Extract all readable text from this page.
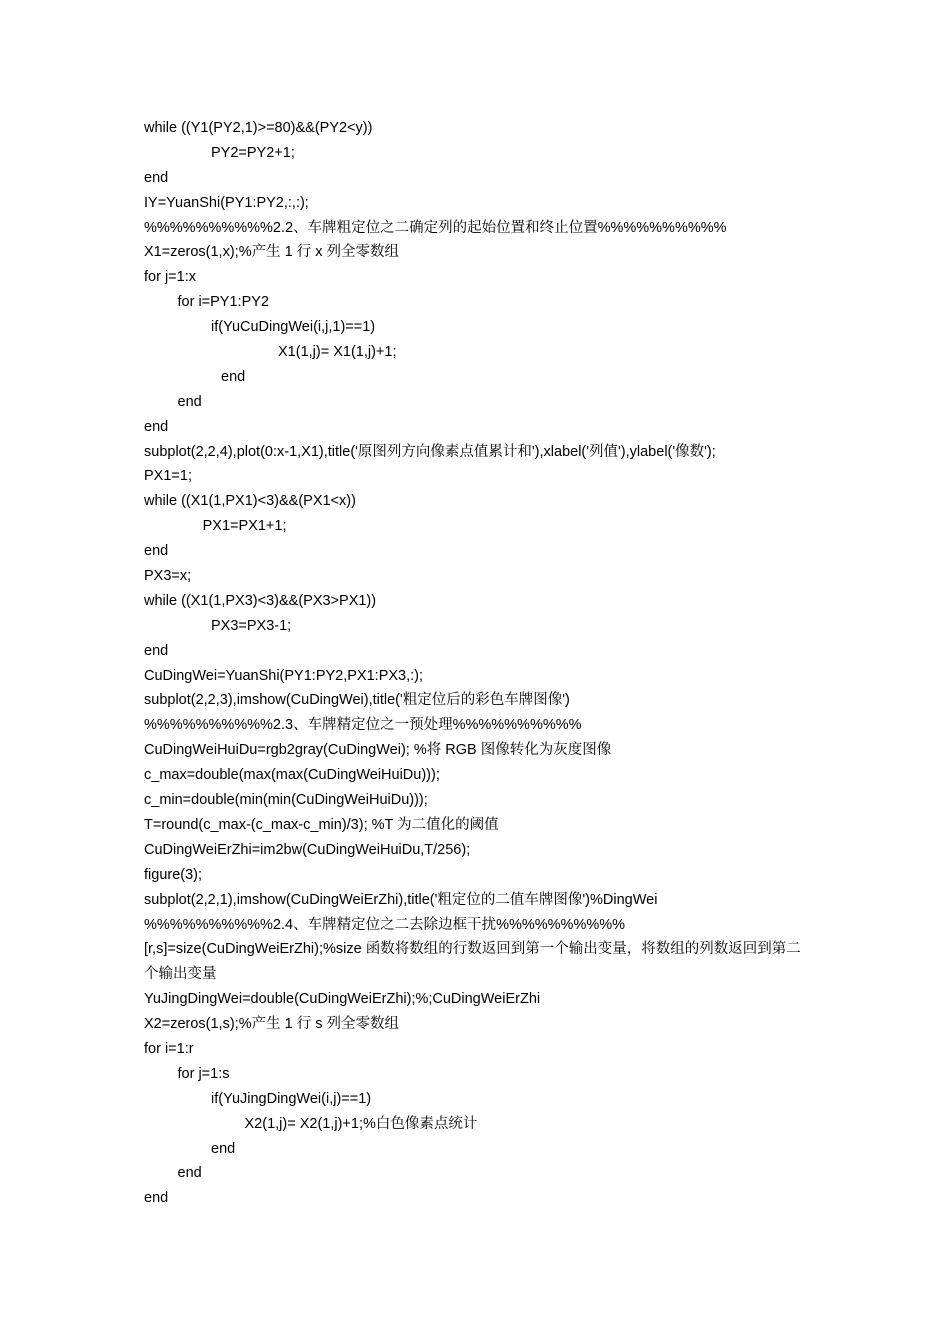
while ((Y1(PY2,1)>=80)&&(PY2<y))
PY2=PY2+1;
end
IY=YuanShi(PY1:PY2,:,:);
%%%%%%%%%%2.2、车牌粗定位之二确定列的起始位置和终止位置%%%%%%%%%%
X1=zeros(1,x);%产生 1 行 x 列全零数组
for j=1:x
for i=PY1:PY2
if(YuCuDingWei(i,j,1)==1)
X1(1,j)= X1(1,j)+1;
end
end
end
subplot(2,2,4),plot(0:x-1,X1),title('原图列方向像素点值累计和'),xlabel('列值'),ylabel('像数');
PX1=1;
while ((X1(1,PX1)<3)&&(PX1<x))
PX1=PX1+1;
end
PX3=x;
while ((X1(1,PX3)<3)&&(PX3>PX1))
PX3=PX3-1;
end
CuDingWei=YuanShi(PY1:PY2,PX1:PX3,:);
subplot(2,2,3),imshow(CuDingWei),title('粗定位后的彩色车牌图像')
%%%%%%%%%%2.3、车牌精定位之一预处理%%%%%%%%%%
CuDingWeiHuiDu=rgb2gray(CuDingWei); %将 RGB 图像转化为灰度图像
c_max=double(max(max(CuDingWeiHuiDu)));
c_min=double(min(min(CuDingWeiHuiDu)));
T=round(c_max-(c_max-c_min)/3); %T 为二值化的阈值
CuDingWeiErZhi=im2bw(CuDingWeiHuiDu,T/256);
figure(3);
subplot(2,2,1),imshow(CuDingWeiErZhi),title('粗定位的二值车牌图像')%DingWei
%%%%%%%%%%2.4、车牌精定位之二去除边框干扰%%%%%%%%%%
[r,s]=size(CuDingWeiErZhi);%size 函数将数组的行数返回到第一个输出变量，将数组的列数返回到第二个输出变量
YuJingDingWei=double(CuDingWeiErZhi);%;CuDingWeiErZhi
X2=zeros(1,s);%产生 1 行 s 列全零数组
for i=1:r
for j=1:s
if(YuJingDingWei(i,j)==1)
X2(1,j)= X2(1,j)+1;%白色像素点统计
end
end
end
